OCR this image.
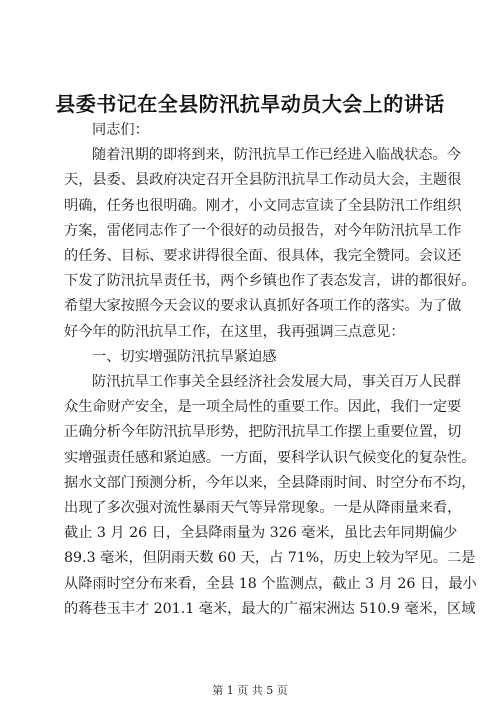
县委书记在全县防汛抗旱动员大会上的讲话
同志们：
随着汛期的即将到来，防汛抗旱工作已经进入临战状态。今
天，县委、县政府决定召开全县防汛抗旱工作动员大会，主题很
明确，任务也很明确。刚才，小文同志宣读了全县防汛工作组织
方案，雷佬同志作了一个很好的动员报告，对今年防汛抗旱工作
的任务、目标、要求讲得很全面、很具体，我完全赞同。会议还
下发了防汛抗旱责任书，两个乡镇也作了表态发言，讲的都很好。
希望大家按照今天会议的要求认真抓好各项工作的落实。为了做
好今年的防汛抗旱工作，在这里，我再强调三点意见：
一、切实增强防汛抗旱紧迫感
防汛抗旱工作事关全县经济社会发展大局，事关百万人民群
众生命财产安全，是一项全局性的重要工作。因此，我们一定要
正确分析今年防汛抗旱形势，把防汛抗旱工作摆上重要位置，切
实增强责任感和紧迫感。一方面，要科学认识气候变化的复杂性。
据水文部门预测分析，今年以来，全县降雨时间、时空分布不均，
出现了多次强对流性暴雨天气等异常现象。一是从降雨量来看，
截止 3 月 26 日，全县降雨量为 326 毫米，虽比去年同期偏少
89.3 毫米，但阴雨天数 60 天，占 71%，历史上较为罕见。二是
从降雨时空分布来看，全县 18 个监测点，截止 3 月 26 日，最小
的蒋巷玉丰才 201.1 毫米，最大的广福宋洲达 510.9 毫米，区域
第 1 页 共 5 页
